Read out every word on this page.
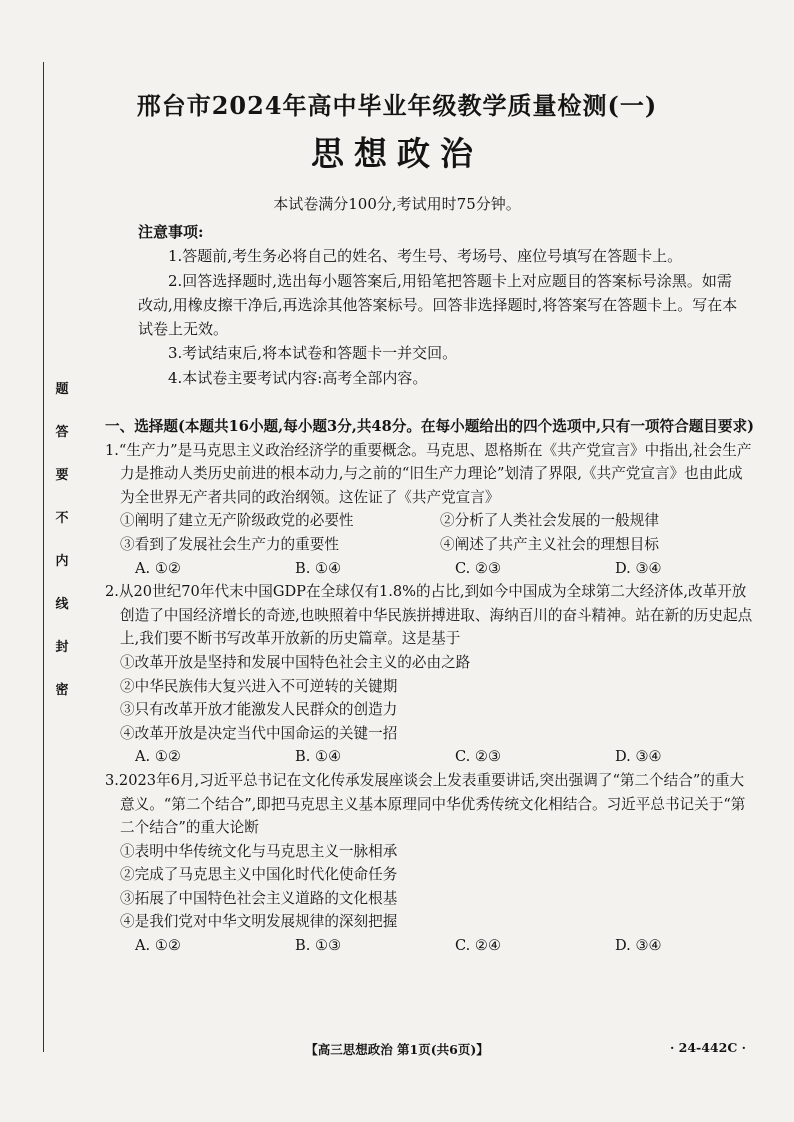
题
答
要
不
内
线
封
密
邢台市2024年高中毕业年级教学质量检测(一)
思想政治
本试卷满分100分,考试用时75分钟。
注意事项:
1.答题前,考生务必将自己的姓名、考生号、考场号、座位号填写在答题卡上。
2.回答选择题时,选出每小题答案后,用铅笔把答题卡上对应题目的答案标号涂黑。如需改动,用橡皮擦干净后,再选涂其他答案标号。回答非选择题时,将答案写在答题卡上。写在本试卷上无效。
3.考试结束后,将本试卷和答题卡一并交回。
4.本试卷主要考试内容:高考全部内容。
一、选择题(本题共16小题,每小题3分,共48分。在每小题给出的四个选项中,只有一项符合题目要求)
1.“生产力”是马克思主义政治经济学的重要概念。马克思、恩格斯在《共产党宣言》中指出,社会生产力是推动人类历史前进的根本动力,与之前的“旧生产力理论”划清了界限,《共产党宣言》也由此成为全世界无产者共同的政治纲领。这佐证了《共产党宣言》
①阐明了建立无产阶级政党的必要性	②分析了人类社会发展的一般规律
③看到了发展社会生产力的重要性	④阐述了共产主义社会的理想目标
A. ①②	B. ①④	C. ②③	D. ③④
2.从20世纪70年代末中国GDP在全球仅有1.8%的占比,到如今中国成为全球第二大经济体,改革开放创造了中国经济增长的奇迹,也映照着中华民族拼搏进取、海纳百川的奋斗精神。站在新的历史起点上,我们要不断书写改革开放新的历史篇章。这是基于
①改革开放是坚持和发展中国特色社会主义的必由之路
②中华民族伟大复兴进入不可逆转的关键期
③只有改革开放才能激发人民群众的创造力
④改革开放是决定当代中国命运的关键一招
A. ①②	B. ①④	C. ②③	D. ③④
3.2023年6月,习近平总书记在文化传承发展座谈会上发表重要讲话,突出强调了“第二个结合”的重大意义。“第二个结合”,即把马克思主义基本原理同中华优秀传统文化相结合。习近平总书记关于“第二个结合”的重大论断
①表明中华传统文化与马克思主义一脉相承
②完成了马克思主义中国化时代化使命任务
③拓展了中国特色社会主义道路的文化根基
④是我们党对中华文明发展规律的深刻把握
A. ①②	B. ①③	C. ②④	D. ③④
【高三思想政治 第1页(共6页)】	· 24-442C ·
